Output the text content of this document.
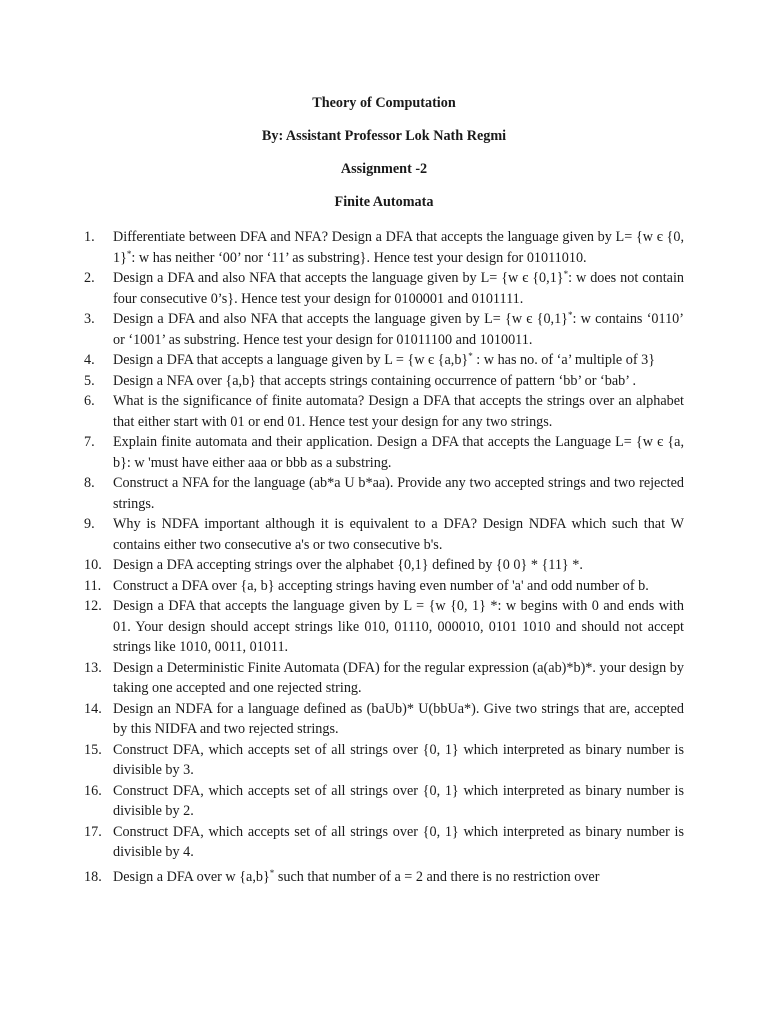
Theory of Computation
By: Assistant Professor Lok Nath Regmi
Assignment -2
Finite Automata
1. Differentiate between DFA and NFA? Design a DFA that accepts the language given by L= {w є {0, 1}*: w has neither ‘00’ nor ‘11’ as substring}. Hence test your design for 01011010.
2. Design a DFA and also NFA that accepts the language given by L= {w є {0,1}*: w does not contain four consecutive 0’s}. Hence test your design for 0100001 and 0101111.
3. Design a DFA and also NFA that accepts the language given by L= {w є {0,1}*: w contains ‘0110’ or ‘1001’ as substring. Hence test your design for 01011100 and 1010011.
4. Design a DFA that accepts a language given by L = {w є {a,b}* : w has no. of ‘a’ multiple of 3}
5. Design a NFA over {a,b} that accepts strings containing occurrence of pattern ‘bb’ or ‘bab’ .
6. What is the significance of finite automata? Design a DFA that accepts the strings over an alphabet that either start with 01 or end 01. Hence test your design for any two strings.
7. Explain finite automata and their application. Design a DFA that accepts the Language L= {w є {a, b}: w 'must have either aaa or bbb as a substring.
8. Construct a NFA for the language (ab*a U b*aa). Provide any two accepted strings and two rejected strings.
9. Why is NDFA important although it is equivalent to a DFA? Design NDFA which such that W contains either two consecutive a's or two consecutive b's.
10. Design a DFA accepting strings over the alphabet {0,1} defined by {0 0} * {11} *.
11. Construct a DFA over {a, b} accepting strings having even number of 'a' and odd number of b.
12. Design a DFA that accepts the language given by L = {w {0, 1} *: w begins with 0 and ends with 01. Your design should accept strings like 010, 01110, 000010, 0101 1010 and should not accept strings like 1010, 0011, 01011.
13. Design a Deterministic Finite Automata (DFA) for the regular expression (a(ab)*b)*. your design by taking one accepted and one rejected string.
14. Design an NDFA for a language defined as (baUb)* U(bbUa*). Give two strings that are, accepted by this NIDFA and two rejected strings.
15. Construct DFA, which accepts set of all strings over {0, 1} which interpreted as binary number is divisible by 3.
16. Construct DFA, which accepts set of all strings over {0, 1} which interpreted as binary number is divisible by 2.
17. Construct DFA, which accepts set of all strings over {0, 1} which interpreted as binary number is divisible by 4.
18. Design a DFA over w {a,b}* such that number of a = 2 and there is no restriction over
